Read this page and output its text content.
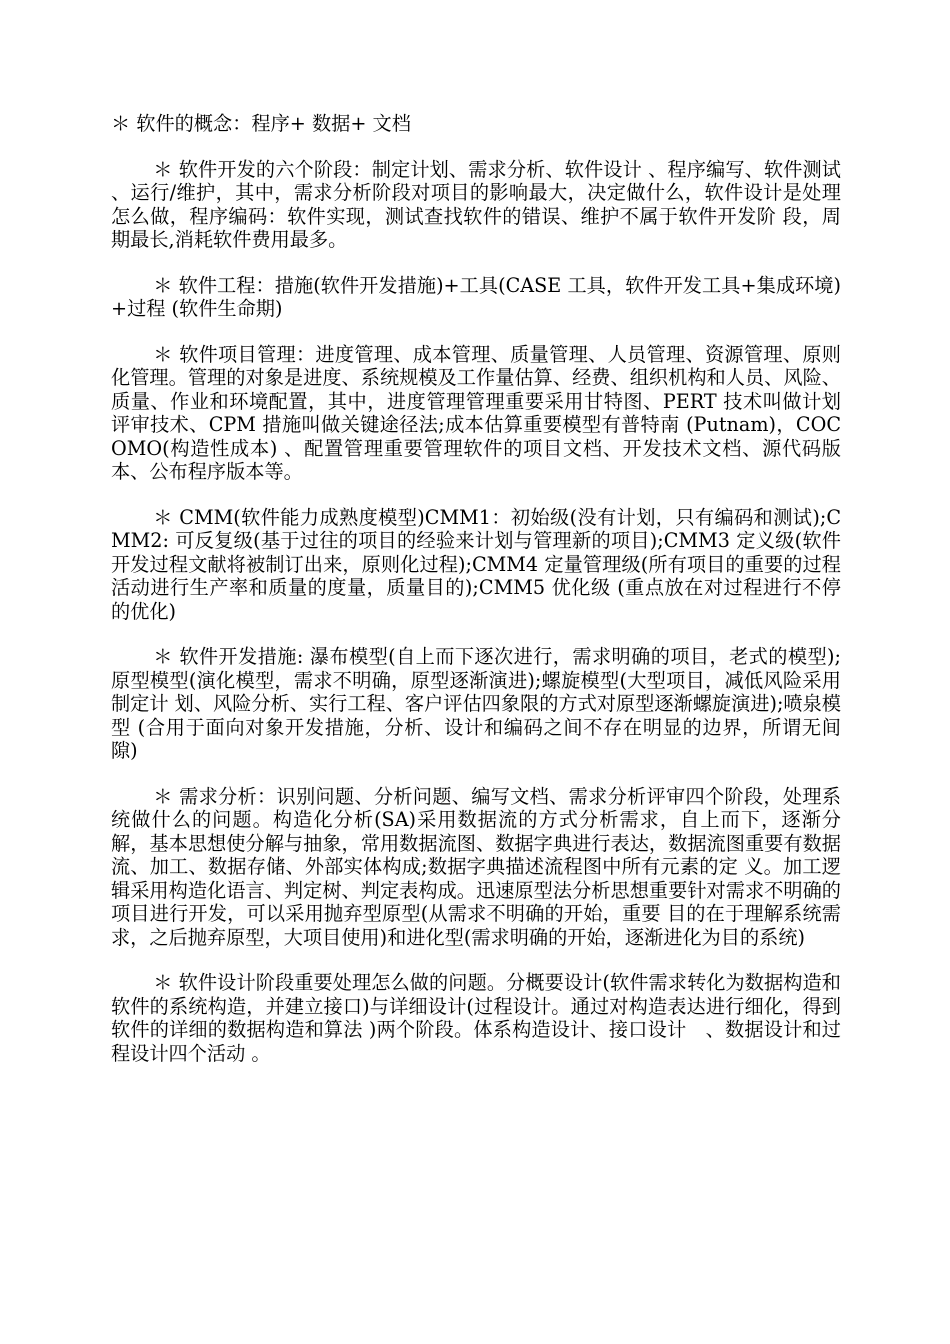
＊ 软件的概念：程序+ 数据+ 文档

＊ 软件开发的六个阶段：制定计划、需求分析、软件设计 、程序编写、软件测试 、运行/维护，其中，需求分析阶段对项目的影响最大，决定做什么，软件设计是处理怎么做，程序编码：软件实现，测试查找软件的错误、维护不属于软件开发阶 段，周期最长,消耗软件费用最多。

＊ 软件工程：措施(软件开发措施)+工具(CASE 工具，软件开发工具+集成环境)+过程 (软件生命期)

＊ 软件项目管理：进度管理、成本管理、质量管理、人员管理、资源管理、原则化管理。管理的对象是进度、系统规模及工作量估算、经费、组织机构和人员、风险、 质量、作业和环境配置，其中，进度管理管理重要采用甘特图、PERT 技术叫做计划评审技术、CPM 措施叫做关键途径法;成本估算重要模型有普特南 (Putnam)，COCOMO(构造性成本) 、配置管理重要管理软件的项目文档、开发技术文档、源代码版本、公布程序版本等。

＊ CMM(软件能力成熟度模型)CMM1：初始级(没有计划，只有编码和测试);CMM2: 可反复级(基于过往的项目的经验来计划与管理新的项目);CMM3 定义级(软件开发过程文献将被制订出来，原则化过程);CMM4 定量管理级(所有项目的重要的过程活动进行生产率和质量的度量，质量目的);CMM5 优化级 (重点放在对过程进行不停的优化)

＊ 软件开发措施: 瀑布模型(自上而下逐次进行，需求明确的项目，老式的模型);原型模型(演化模型，需求不明确，原型逐渐演进);螺旋模型(大型项目，减低风险采用制定计 划、风险分析、实行工程、客户评估四象限的方式对原型逐渐螺旋演进);喷泉模型 (合用于面向对象开发措施，分析、设计和编码之间不存在明显的边界，所谓无间隙)

＊ 需求分析：识别问题、分析问题、编写文档、需求分析评审四个阶段，处理系统做什么的问题。构造化分析(SA)采用数据流的方式分析需求，自上而下，逐渐分 解，基本思想使分解与抽象，常用数据流图、数据字典进行表达，数据流图重要有数据流、加工、数据存储、外部实体构成;数据字典描述流程图中所有元素的定 义。加工逻辑采用构造化语言、判定树、判定表构成。迅速原型法分析思想重要针对需求不明确的项目进行开发，可以采用抛弃型原型(从需求不明确的开始，重要 目的在于理解系统需求，之后抛弃原型，大项目使用)和进化型(需求明确的开始，逐渐进化为目的系统)

＊ 软件设计阶段重要处理怎么做的问题。分概要设计(软件需求转化为数据构造和软件的系统构造，并建立接口)与详细设计(过程设计。通过对构造表达进行细化，得到软件的详细的数据构造和算法 )两个阶段。体系构造设计、接口设计　、数据设计和过程设计四个活动 。
